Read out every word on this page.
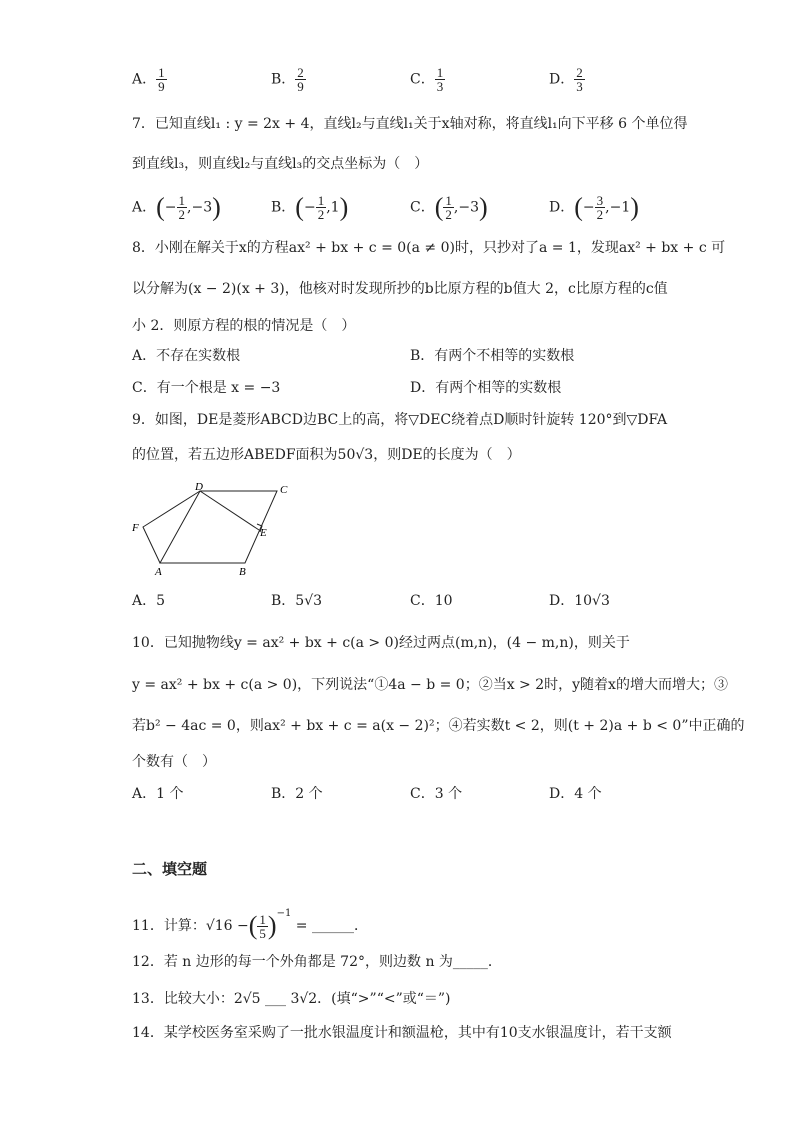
A． $\frac{1}{9}$	B． $\frac{2}{9}$	C． $\frac{1}{3}$	D． $\frac{2}{3}$
7．已知直线l₁ : y = 2x + 4，直线l₂与直线l₁关于x轴对称，将直线l₁向下平移 6 个单位得
到直线l₃，则直线l₂与直线l₃的交点坐标为（　）
A．(− $\frac{1}{2} ,-3$)	B．(− $\frac{1}{2} ,1$)	C．( $\frac{1}{2} ,-3$)	D．(− $\frac{3}{2} ,-1$)
8．小刚在解关于x的方程ax² + bx + c = 0(a ≠ 0)时，只抄对了a = 1，发现ax² + bx + c 可
以分解为(x − 2)(x + 3)，他核对时发现所抄的b比原方程的b值大 2，c比原方程的c值
小 2．则原方程的根的情况是（　）
A．不存在实数根	B．有两个不相等的实数根
C．有一个根是 x = −3	D．有两个相等的实数根
9．如图，DE是菱形ABCD边BC上的高，将▽DEC绕着点D顺时针旋转 120°到▽DFA
的位置，若五边形ABEDF面积为50√3，则DE的长度为（　）
D	C
F	E
A	B
A．5	B．5√3	C．10	D．10√3
10．已知抛物线y = ax² + bx + c(a > 0)经过两点(m,n)，(4 − m,n)，则关于
y = ax² + bx + c(a > 0)，下列说法“①4a − b = 0；②当x > 2时，y随着x的增大而增大；③
若b² − 4ac = 0，则ax² + bx + c = a(x − 2)²；④若实数t < 2，则(t + 2)a + b < 0”中正确的
个数有（　）
A．1 个	B．2 个	C．3 个	D．4 个
二、填空题
11．计算：√16 −( $\frac{1}{5} )^{-1}$ = ______．
12．若 n 边形的每一个外角都是 72°，则边数 n 为_____．
13．比较大小：2√5 ___ 3√2．(填“>”“<”或“＝”)
14．某学校医务室采购了一批水银温度计和额温枪，其中有10支水银温度计，若干支额
